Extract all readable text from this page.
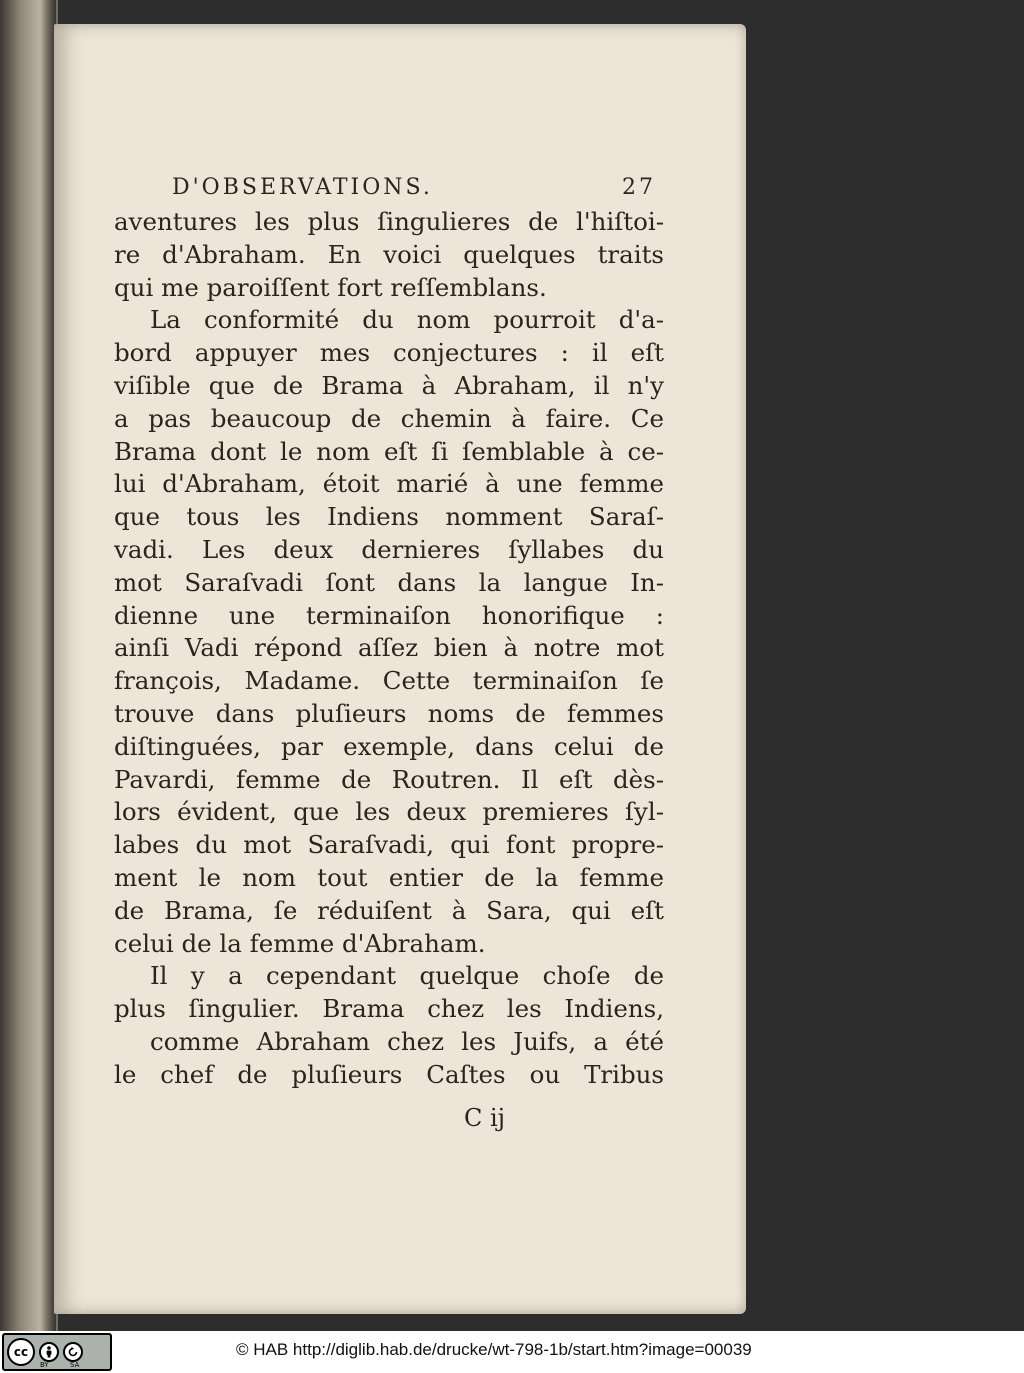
D'OBSERVATIONS.	27
aventures les plus ſingulieres de l'hiſtoi-
re d'Abraham. En voici quelques traits
qui me paroiſſent fort reſſemblans.
La conformité du nom pourroit d'a-
bord appuyer mes conjectures : il eſt
viſible que de Brama à Abraham, il n'y
a pas beaucoup de chemin à faire. Ce
Brama dont le nom eſt ſi ſemblable à ce-
lui d'Abraham, étoit marié à une femme
que tous les Indiens nomment Saraſ-
vadi. Les deux dernieres ſyllabes du
mot Saraſvadi ſont dans la langue In-
dienne une terminaiſon honorifique :
ainſi Vadi répond aſſez bien à notre mot
françois, Madame. Cette terminaiſon ſe
trouve dans pluſieurs noms de femmes
diſtinguées, par exemple, dans celui de
Pavardi, femme de Routren. Il eſt dès-
lors évident, que les deux premieres ſyl-
labes du mot Saraſvadi, qui font propre-
ment le nom tout entier de la femme
de Brama, ſe réduiſent à Sara, qui eſt
celui de la femme d'Abraham.
Il y a cependant quelque choſe de
plus ſingulier. Brama chez les Indiens,
comme Abraham chez les Juifs, a été
le chef de pluſieurs Caſtes ou Tribus
C ij
cc
BY	SA
© HAB http://diglib.hab.de/drucke/wt-798-1b/start.htm?image=00039
